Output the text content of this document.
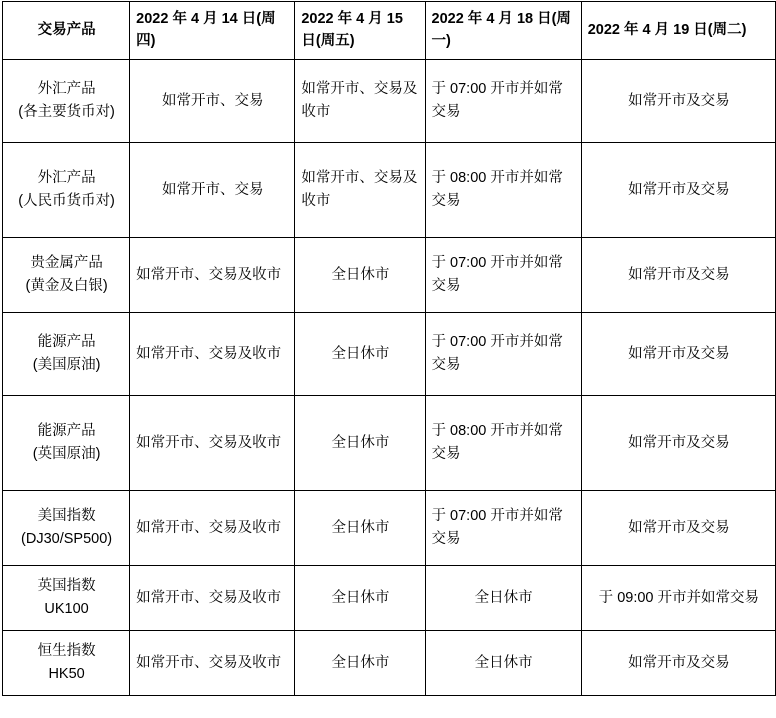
交易产品	2022 年 4 月 14 日(周四)	2022 年 4 月 15 日(周五)	2022 年 4 月 18 日(周一)	2022 年 4 月 19 日(周二)

外汇产品
(各主要货币对)	如常开市、交易	如常开市、交易及收市	于 07:00 开市并如常交易	如常开市及交易

外汇产品
(人民币货币对)	如常开市、交易	如常开市、交易及收市	于 08:00 开市并如常交易	如常开市及交易

贵金属产品
(黄金及白银)	如常开市、交易及收市	全日休市	于 07:00 开市并如常交易	如常开市及交易

能源产品
(美国原油)	如常开市、交易及收市	全日休市	于 07:00 开市并如常交易	如常开市及交易

能源产品
(英国原油)	如常开市、交易及收市	全日休市	于 08:00 开市并如常交易	如常开市及交易

美国指数
(DJ30/SP500)	如常开市、交易及收市	全日休市	于 07:00 开市并如常交易	如常开市及交易

英国指数
UK100	如常开市、交易及收市	全日休市	全日休市	于 09:00 开市并如常交易

恒生指数
HK50	如常开市、交易及收市	全日休市	全日休市	如常开市及交易
